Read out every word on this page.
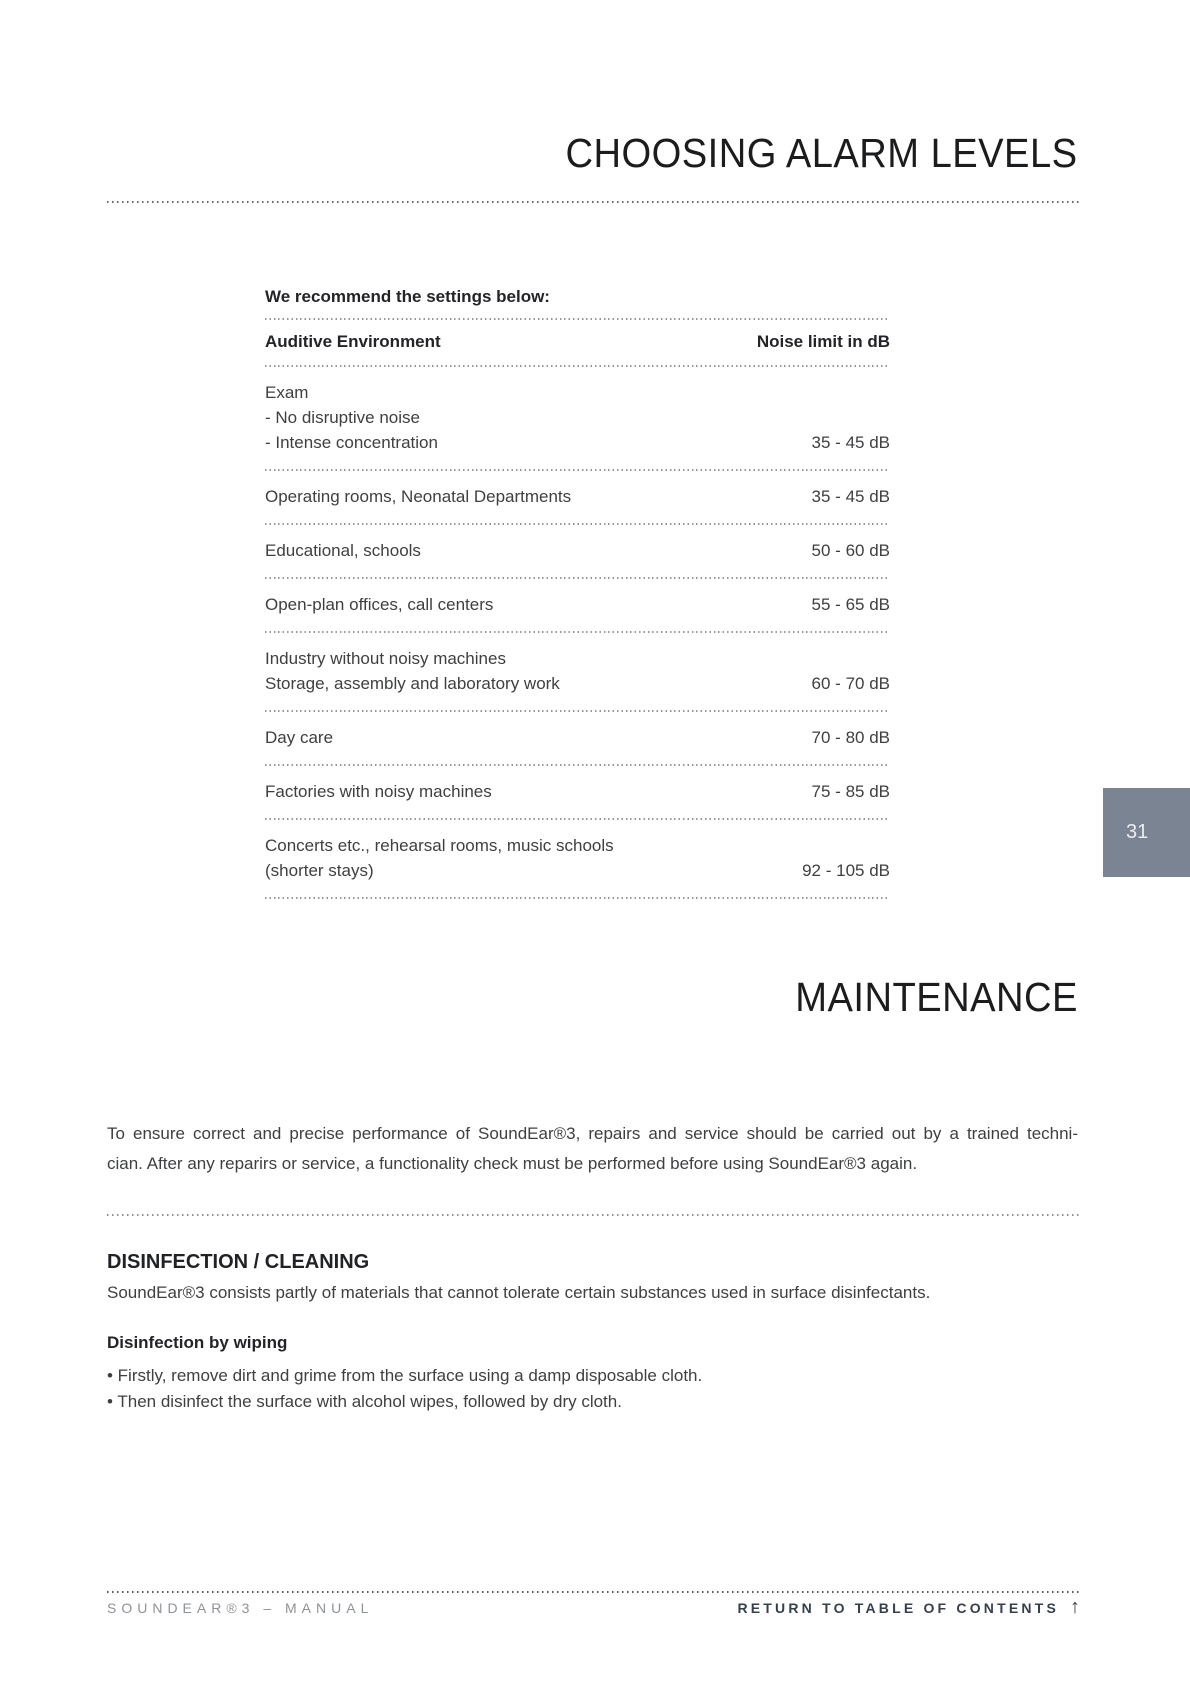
CHOOSING ALARM LEVELS
We recommend the settings below:
Auditive Environment	Noise limit in dB
Exam
- No disruptive noise
- Intense concentration	35 - 45 dB
Operating rooms, Neonatal Departments	35 - 45 dB
Educational, schools	50 - 60 dB
Open-plan offices, call centers	55 - 65 dB
Industry without noisy machines
Storage, assembly and laboratory work	60 - 70 dB
Day care	70 - 80 dB
Factories with noisy machines	75 - 85 dB
Concerts etc., rehearsal rooms, music schools
(shorter stays)	92 - 105 dB
31
MAINTENANCE
To ensure correct and precise performance of SoundEar®3, repairs and service should be carried out by a trained techni-
cian. After any reparirs or service, a functionality check must be performed before using SoundEar®3 again.
DISINFECTION / CLEANING
SoundEar®3 consists partly of materials that cannot tolerate certain substances used in surface disinfectants.
Disinfection by wiping
• Firstly, remove dirt and grime from the surface using a damp disposable cloth.
• Then disinfect the surface with alcohol wipes, followed by dry cloth.
SOUNDEAR®3 – MANUAL	RETURN TO TABLE OF CONTENTS ↑
